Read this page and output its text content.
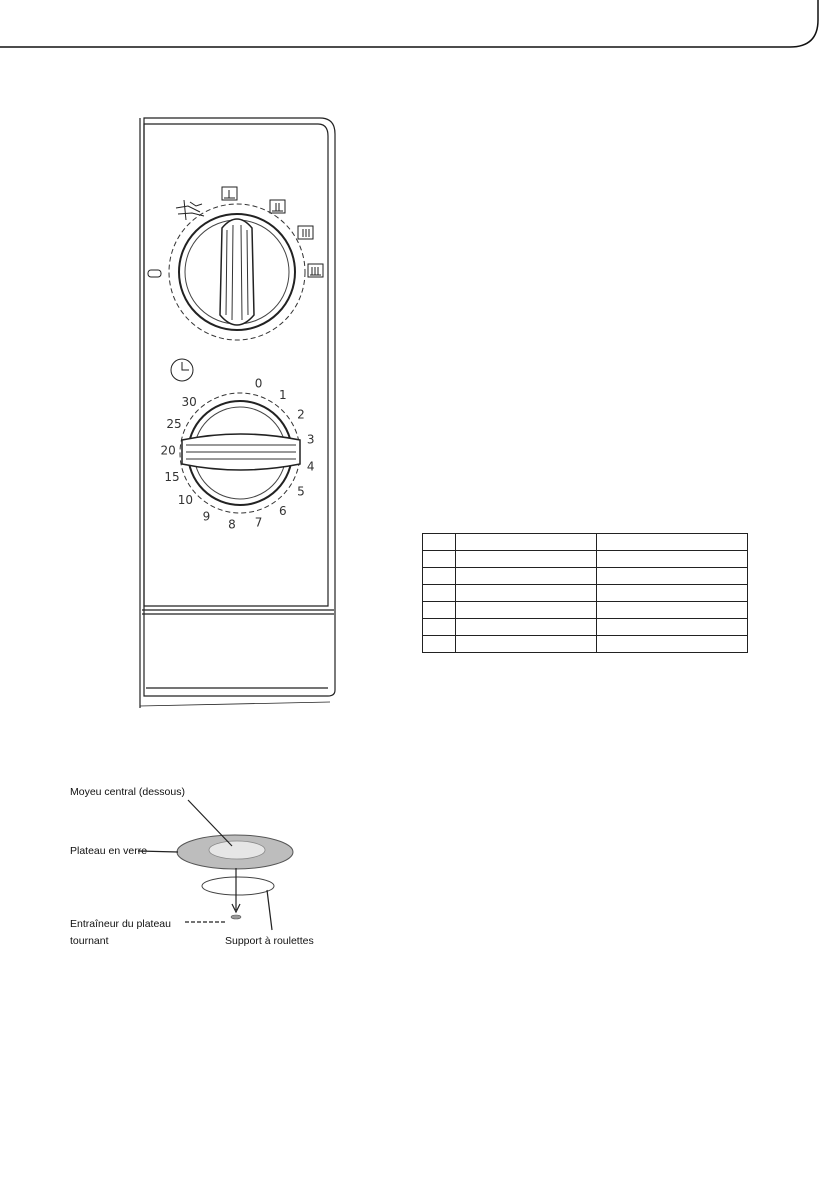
0
1
2
3
4
5
6
7
8
9
10
15
20
25
30

Moyeu central (dessous)
Plateau en verre
Entraîneur du plateau
tournant	Support à roulettes
